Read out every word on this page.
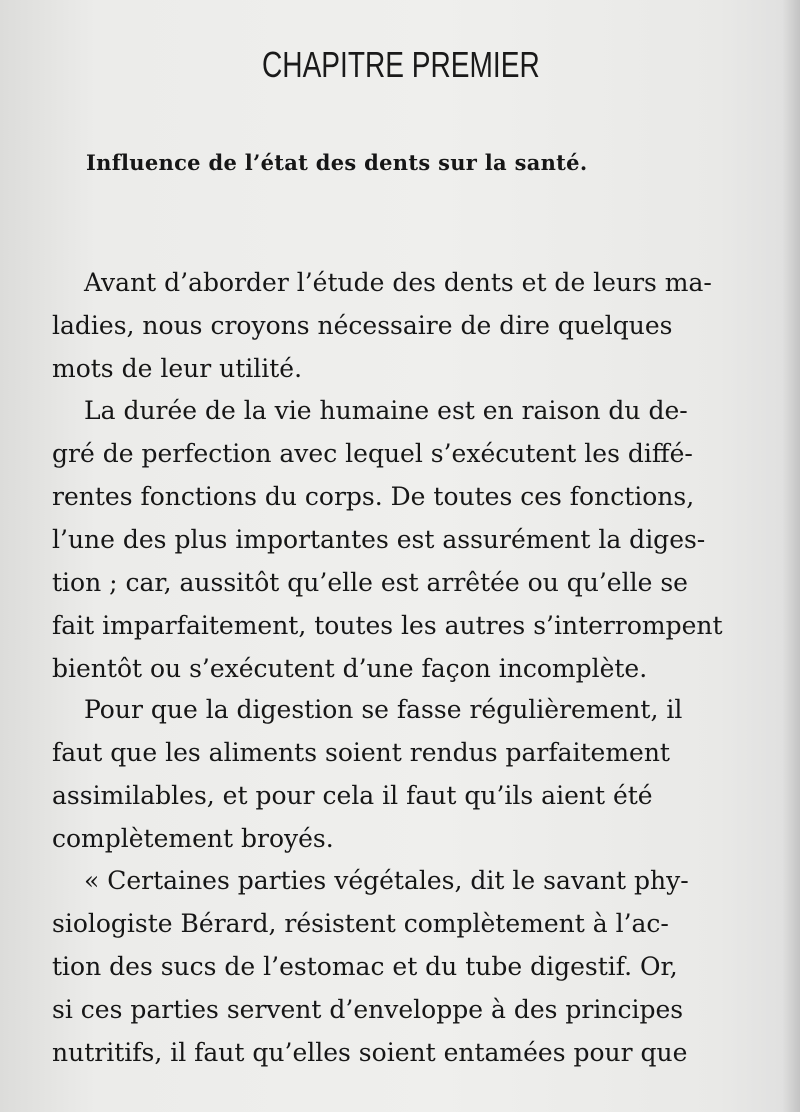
CHAPITRE PREMIER
Influence de l’état des dents sur la santé.
Avant d’aborder l’étude des dents et de leurs ma-
ladies, nous croyons nécessaire de dire quelques
mots de leur utilité.
La durée de la vie humaine est en raison du de-
gré de perfection avec lequel s’exécutent les diffé-
rentes fonctions du corps. De toutes ces fonctions,
l’une des plus importantes est assurément la diges-
tion ; car, aussitôt qu’elle est arrêtée ou qu’elle se
fait imparfaitement, toutes les autres s’interrompent
bientôt ou s’exécutent d’une façon incomplète.
Pour que la digestion se fasse régulièrement, il
faut que les aliments soient rendus parfaitement
assimilables, et pour cela il faut qu’ils aient été
complètement broyés.
« Certaines parties végétales, dit le savant phy-
siologiste Bérard, résistent complètement à l’ac-
tion des sucs de l’estomac et du tube digestif. Or,
si ces parties servent d’enveloppe à des principes
nutritifs, il faut qu’elles soient entamées pour que
